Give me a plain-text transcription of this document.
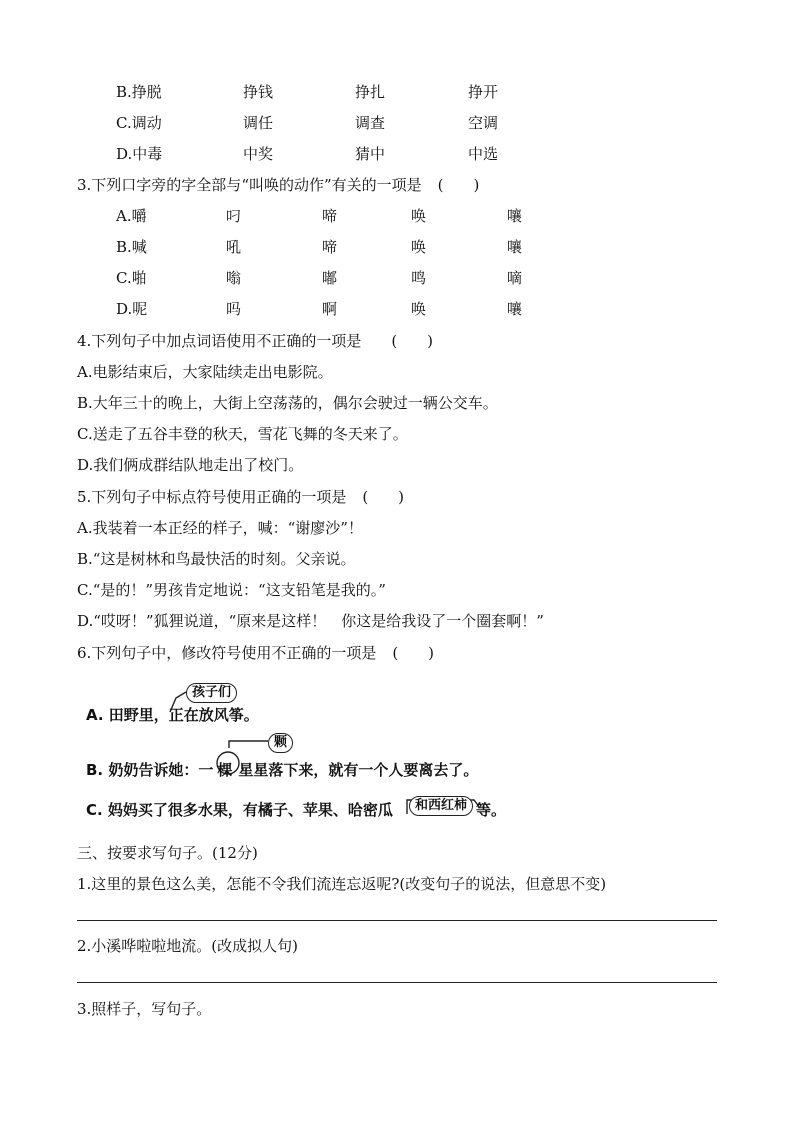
B.挣脱	挣钱	挣扎	挣开
C.调动	调任	调查	空调
D.中毒	中奖	猜中	中选
3.下列口字旁的字全部与“叫唤的动作”有关的一项是 (　　)
A.嚼	叼	啼	唤	嚷
B.喊	吼	啼	唤	嚷
C.啪	嗡	嘟	鸣	嘀
D.呢	吗	啊	唤	嚷
4.下列句子中加点词语使用不正确的一项是 (　　)
A.电影结束后，大家陆续走出电影院。
B.大年三十的晚上，大街上空荡荡的，偶尔会驶过一辆公交车。
C.送走了五谷丰登的秋天，雪花飞舞的冬天来了。
D.我们俩成群结队地走出了校门。
5.下列句子中标点符号使用正确的一项是 (　　)
A.我装着一本正经的样子，喊：“谢廖沙”！
B.“这是树林和鸟最快活的时刻。父亲说。
C.“是的！”男孩肯定地说：“这支铅笔是我的。”
D.“哎呀！”狐狸说道，“原来是这样！　你这是给我设了一个圈套啊！”
6.下列句子中，修改符号使用不正确的一项是 (　　)
A. 田野里，正在放风筝。
孩子们
B. 奶奶告诉她：一 棵 星星落下来，就有一个人要离去了。
颗
C. 妈妈买了很多水果，有橘子、苹果、哈密瓜	和西红柿 等。
三、按要求写句子。(12分)
1.这里的景色这么美，怎能不令我们流连忘返呢?(改变句子的说法，但意思不变)
2.小溪哗啦啦地流。(改成拟人句)
3.照样子，写句子。
